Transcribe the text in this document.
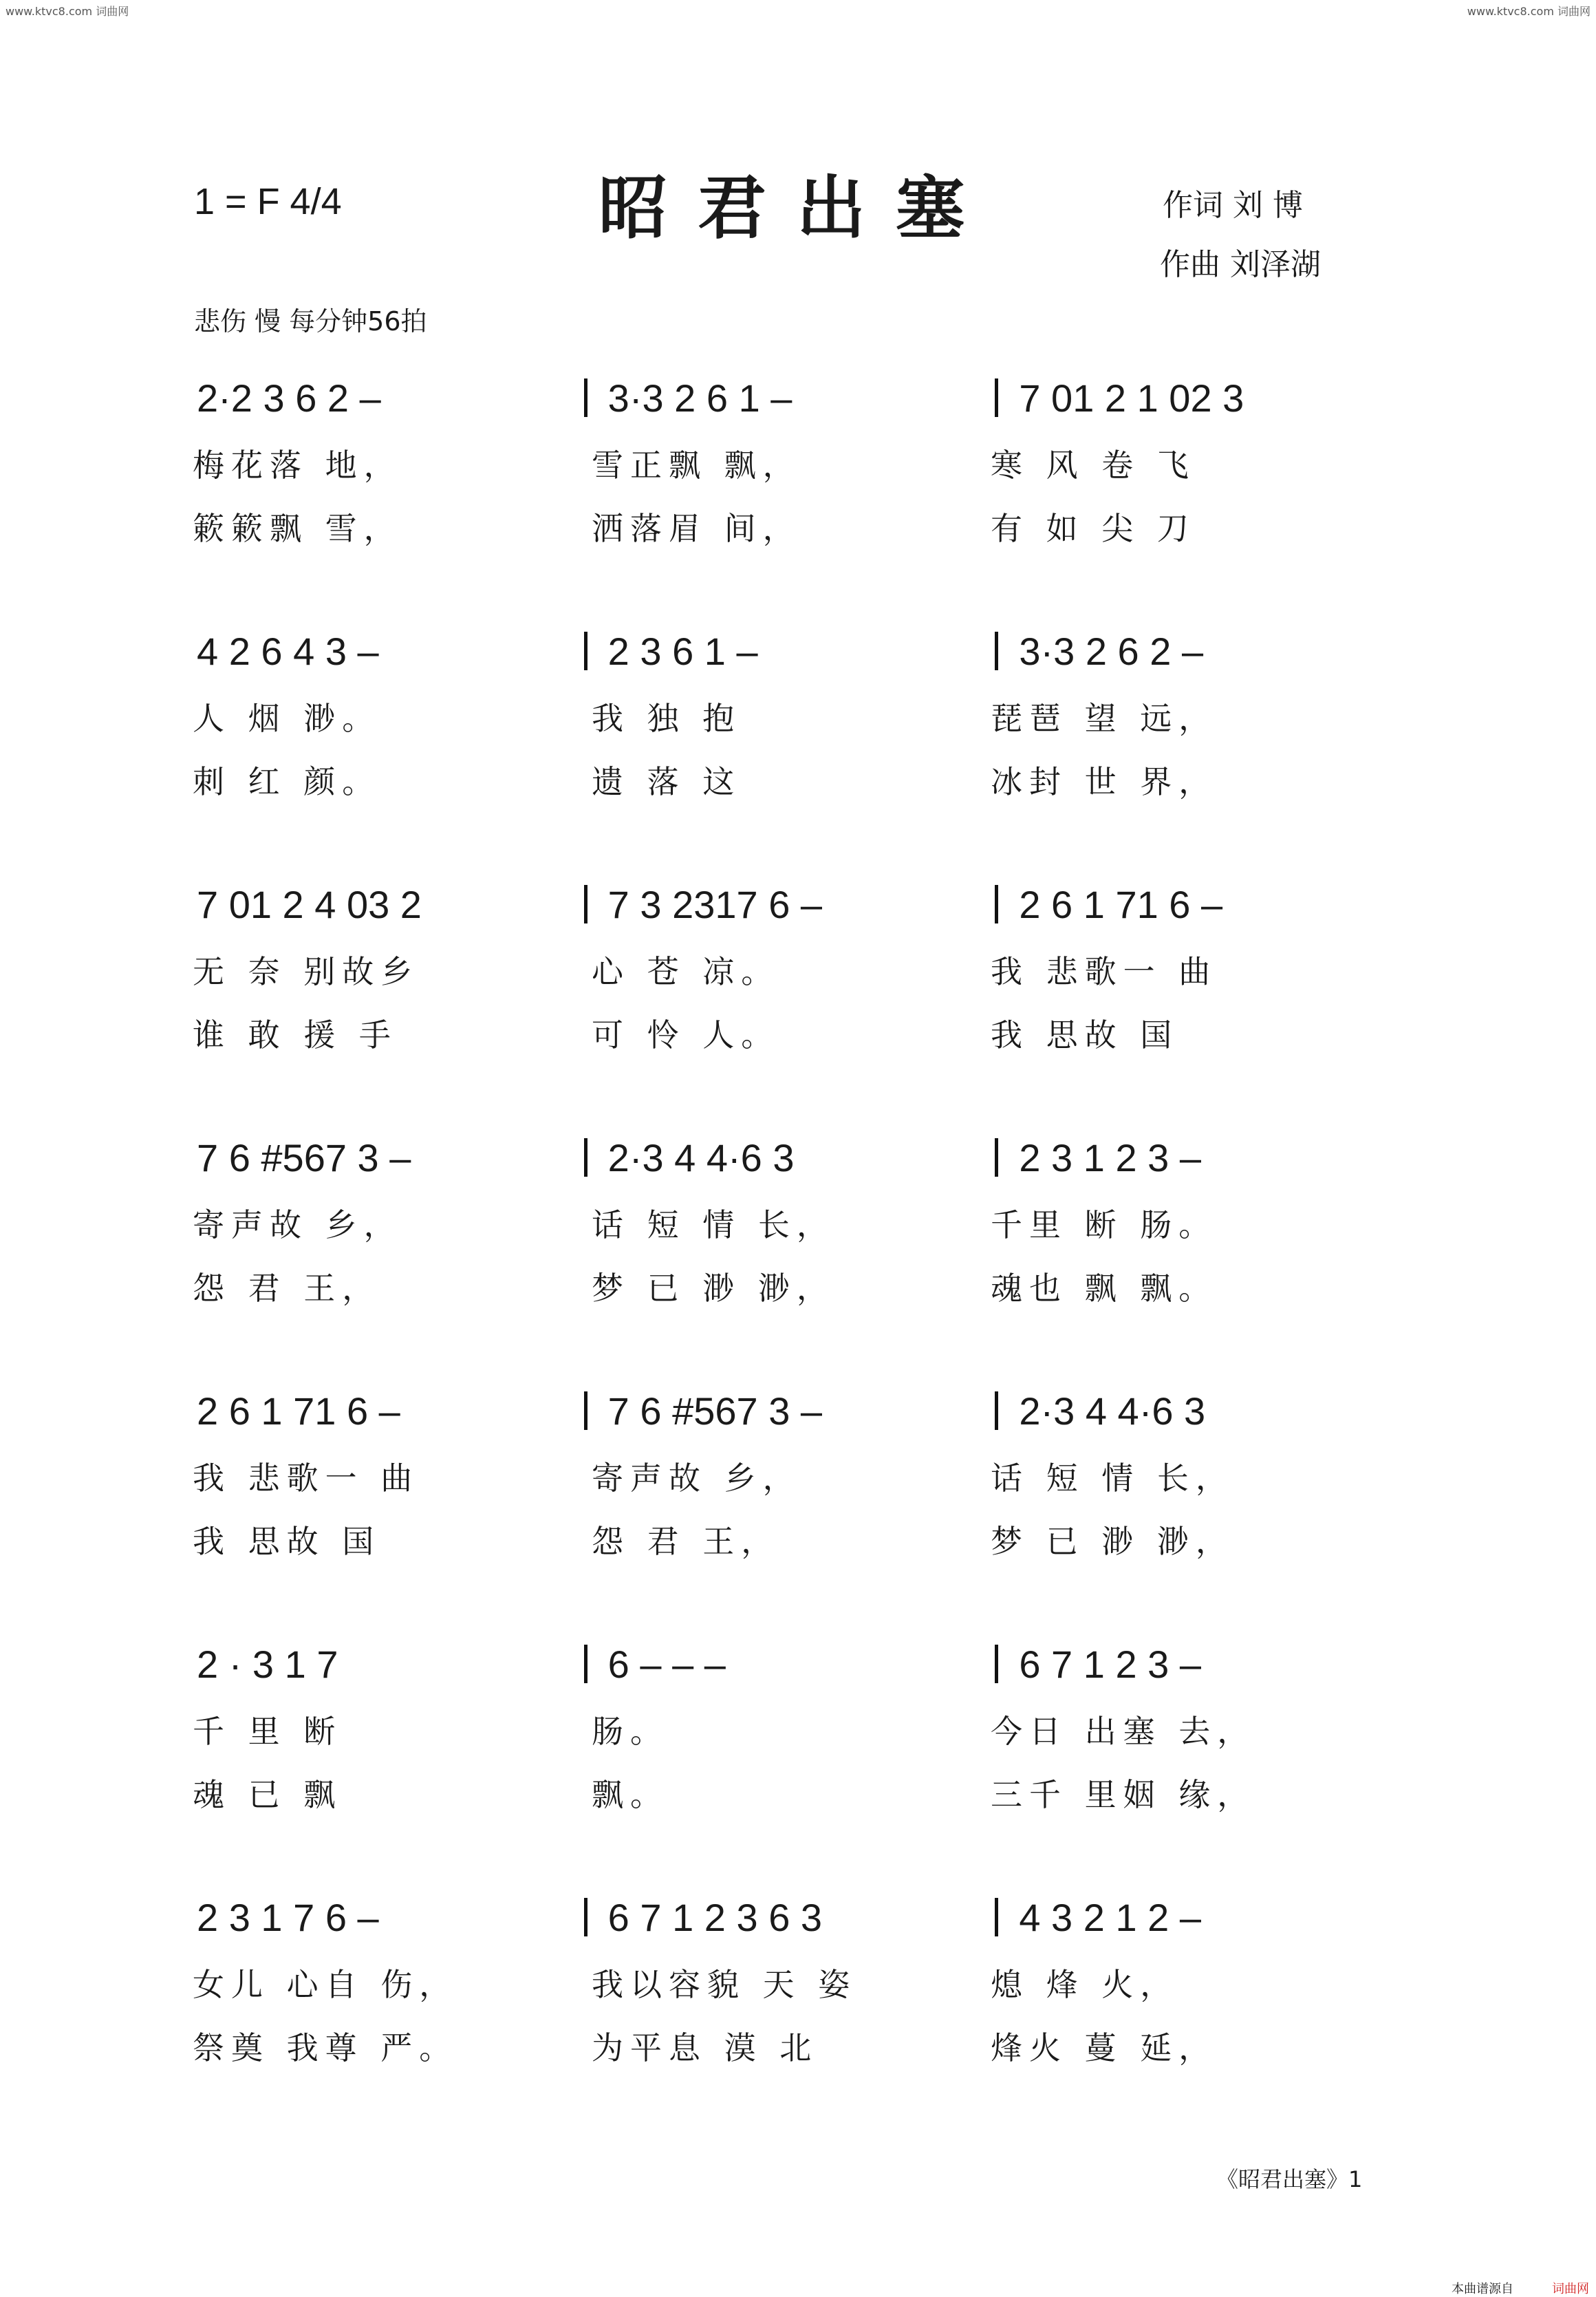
www.ktvc8.com 词曲网	www.ktvc8.com 词曲网
1 = F 4/4	昭君出塞	作词 刘 博
作曲 刘泽湖
悲伤 慢 每分钟56拍
2·2 3 6 2 –	3·3 2 6 1 –	7 01 2 1 02 3
梅花落 地，	雪正飘 飘，	寒 风 卷 飞
簌簌飘 雪，	洒落眉 间，	有 如 尖 刀
4 2 6 4 3 –	2 3 6 1 –	3·3 2 6 2 –
人 烟 渺。	我 独 抱	琵琶 望 远，
刺 红 颜。	遗 落 这	冰封 世 界，
7 01 2 4 03 2	7 3 2317 6 –	2 6 1 71 6 –
无 奈 别故乡	心 苍 凉。	我 悲歌一 曲
谁 敢 援 手	可 怜 人。	我 思故 国
7 6 #567 3 –	2·3 4 4·6 3	2 3 1 2 3 –
寄声故 乡，	话 短 情 长，	千里 断 肠。
怨 君 王，	梦 已 渺 渺，	魂也 飘 飘。
2 6 1 71 6 –	7 6 #567 3 –	2·3 4 4·6 3
我 悲歌一 曲	寄声故 乡，	话 短 情 长，
我 思故 国	怨 君 王，	梦 已 渺 渺，
2 · 3 1 7	6 – – –	6 7 1 2 3 –
千 里 断	肠。	今日 出塞 去，
魂 已 飘	飘。	三千 里姻 缘，
2 3 1 7 6 –	6 7 1 2 3 6 3	4 3 2 1 2 –
女儿 心自 伤，	我以容貌 天 姿	熄 烽 火，
祭奠 我尊 严。	为平息 漠 北	烽火 蔓 延，
《昭君出塞》1
本曲谱源自	词曲网
